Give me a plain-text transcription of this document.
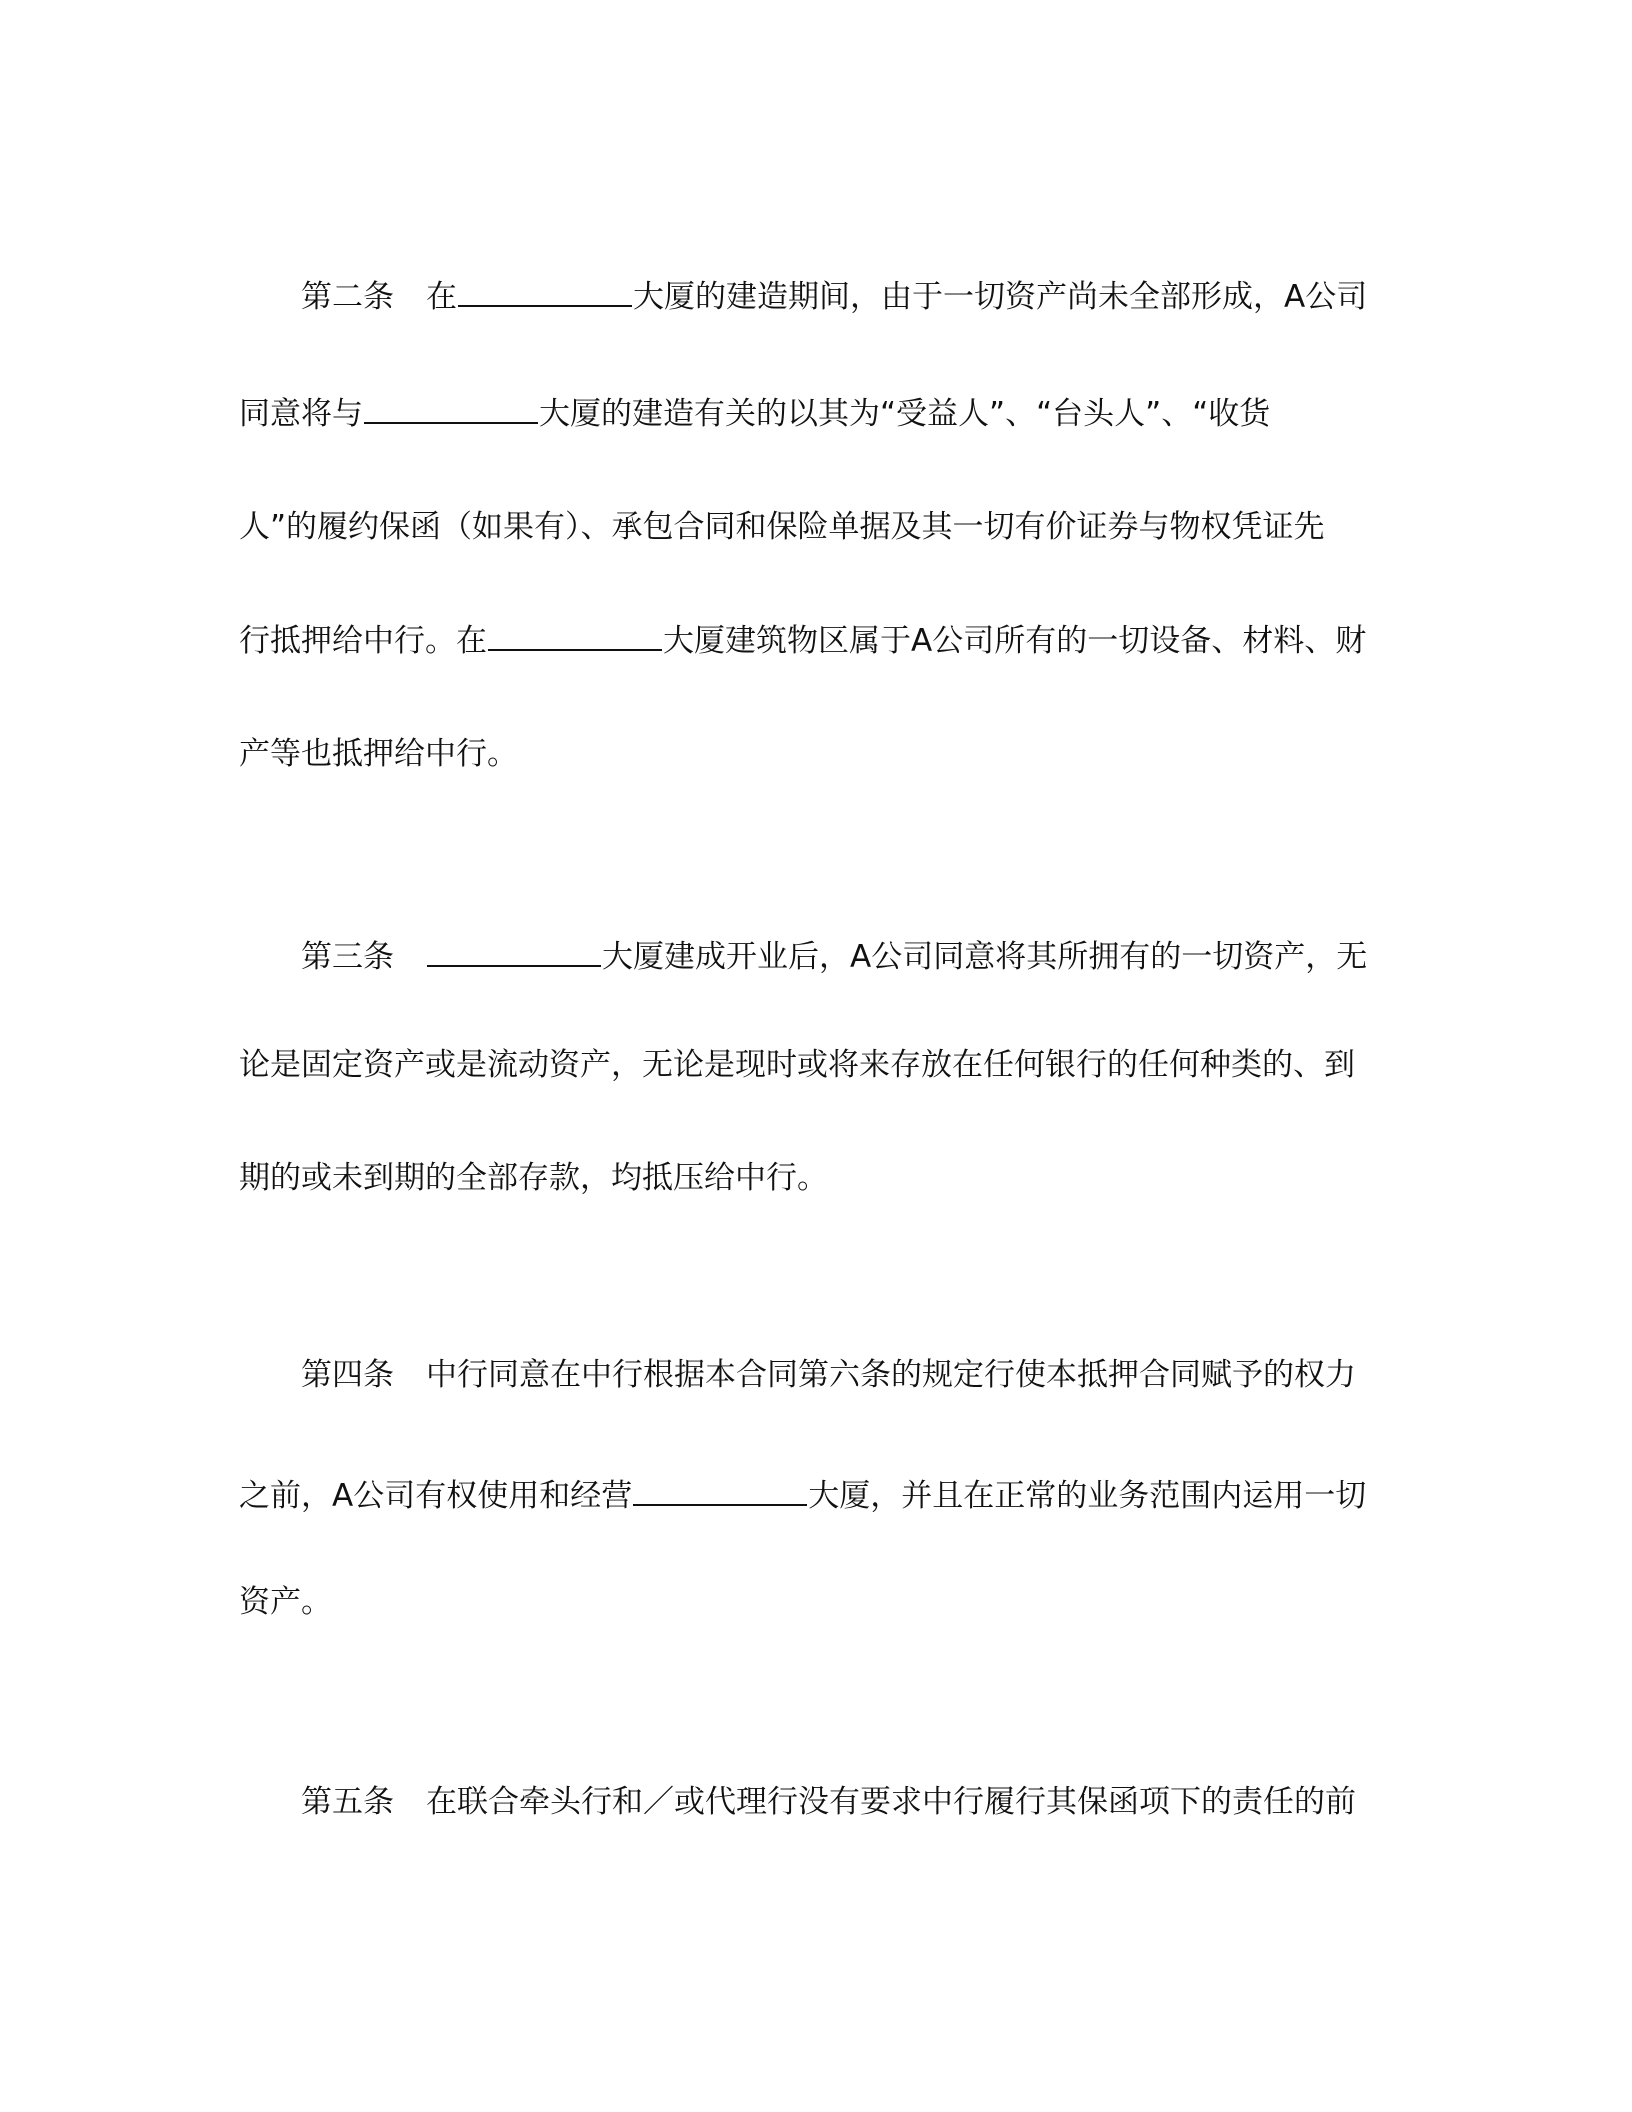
第二条 在	大厦的建造期间，由于一切资产尚未全部形成，A公司
同意将与	大厦的建造有关的以其为“受益人”、“台头人”、“收货
人”的履约保函（如果有）、承包合同和保险单据及其一切有价证券与物权凭证先
行抵押给中行。在	大厦建筑物区属于A公司所有的一切设备、材料、财
产等也抵押给中行。
第三条	大厦建成开业后，A公司同意将其所拥有的一切资产，无
论是固定资产或是流动资产，无论是现时或将来存放在任何银行的任何种类的、到
期的或未到期的全部存款，均抵压给中行。
第四条 中行同意在中行根据本合同第六条的规定行使本抵押合同赋予的权力
之前，A公司有权使用和经营	大厦，并且在正常的业务范围内运用一切
资产。
第五条 在联合牵头行和／或代理行没有要求中行履行其保函项下的责任的前
